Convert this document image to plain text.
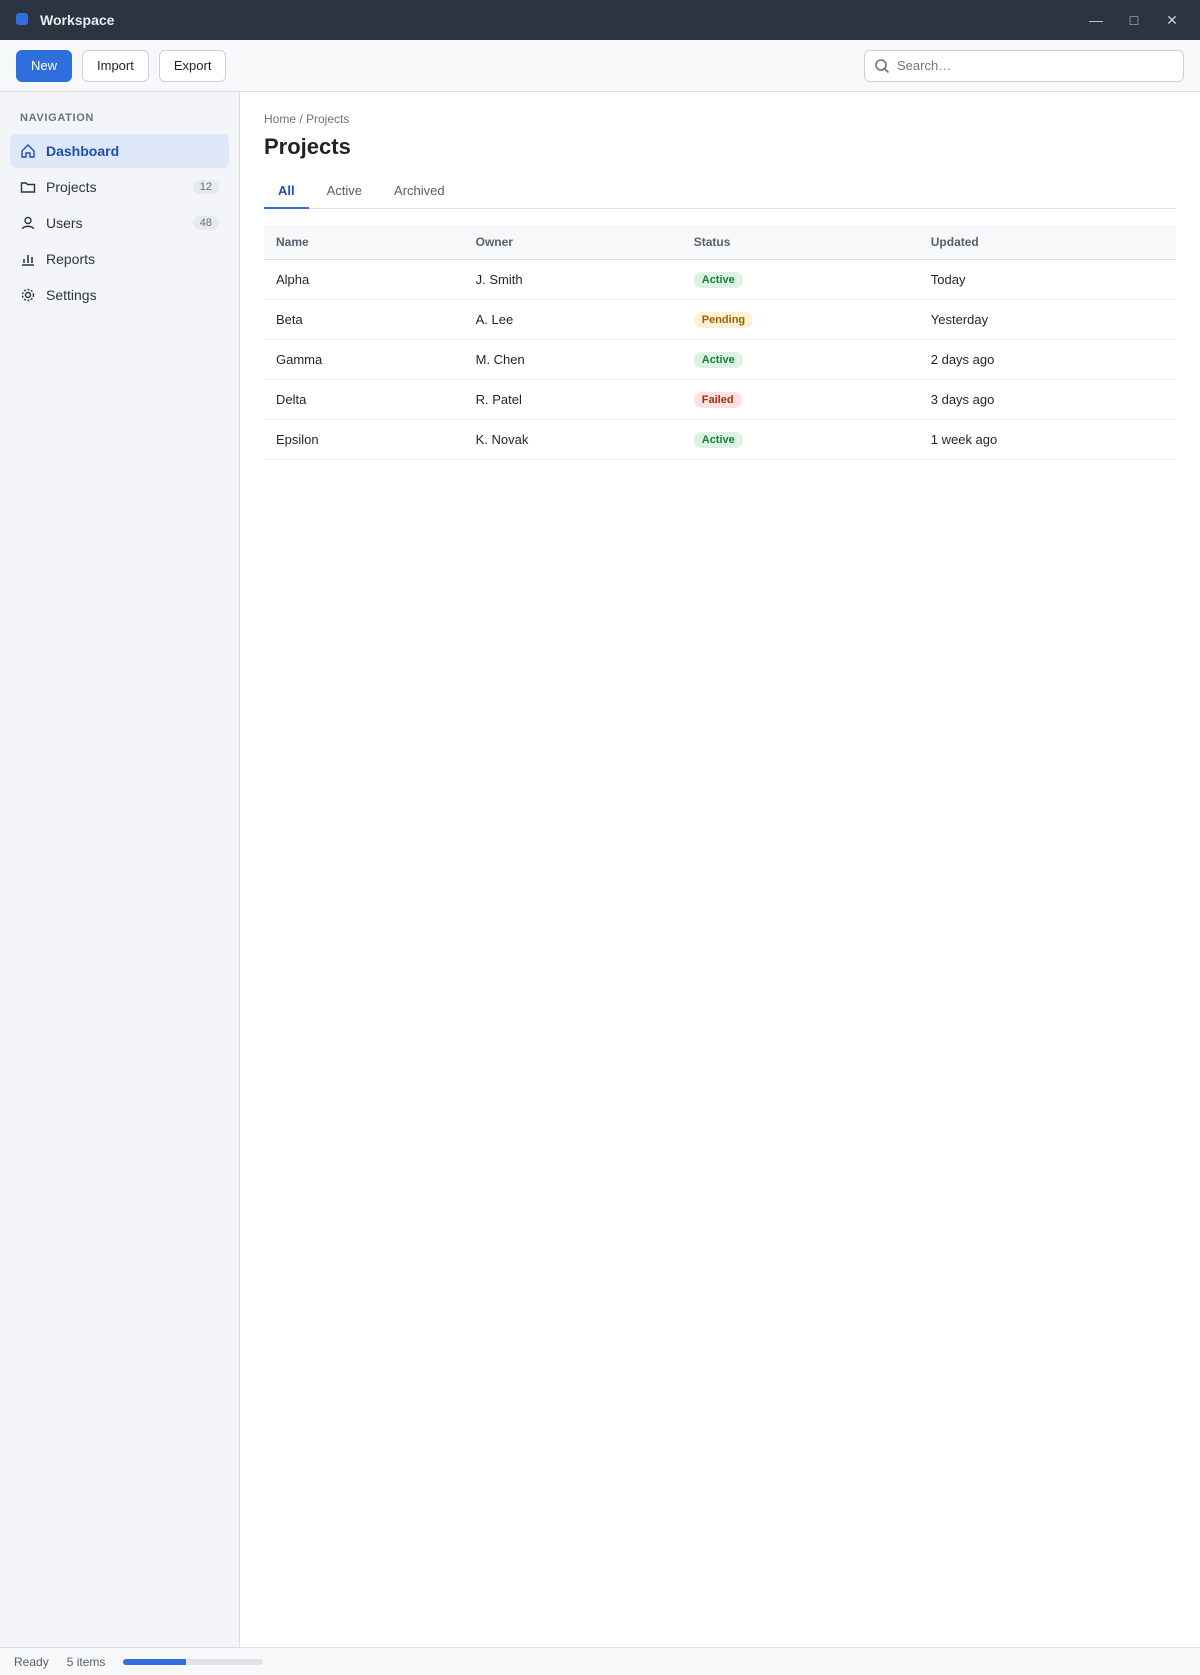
Workspace	—	□	✕
New	Import	Export
Search…
NAVIGATION
Dashboard
Projects	12
Users	48
Reports
Settings
Home / Projects
Projects
All	Active	Archived
Name	Owner	Status	Updated
Alpha	J. Smith	Active	Today
Beta	A. Lee	Pending	Yesterday
Gamma	M. Chen	Active	2 days ago
Delta	R. Patel	Failed	3 days ago
Epsilon	K. Novak	Active	1 week ago
Ready 5 items
